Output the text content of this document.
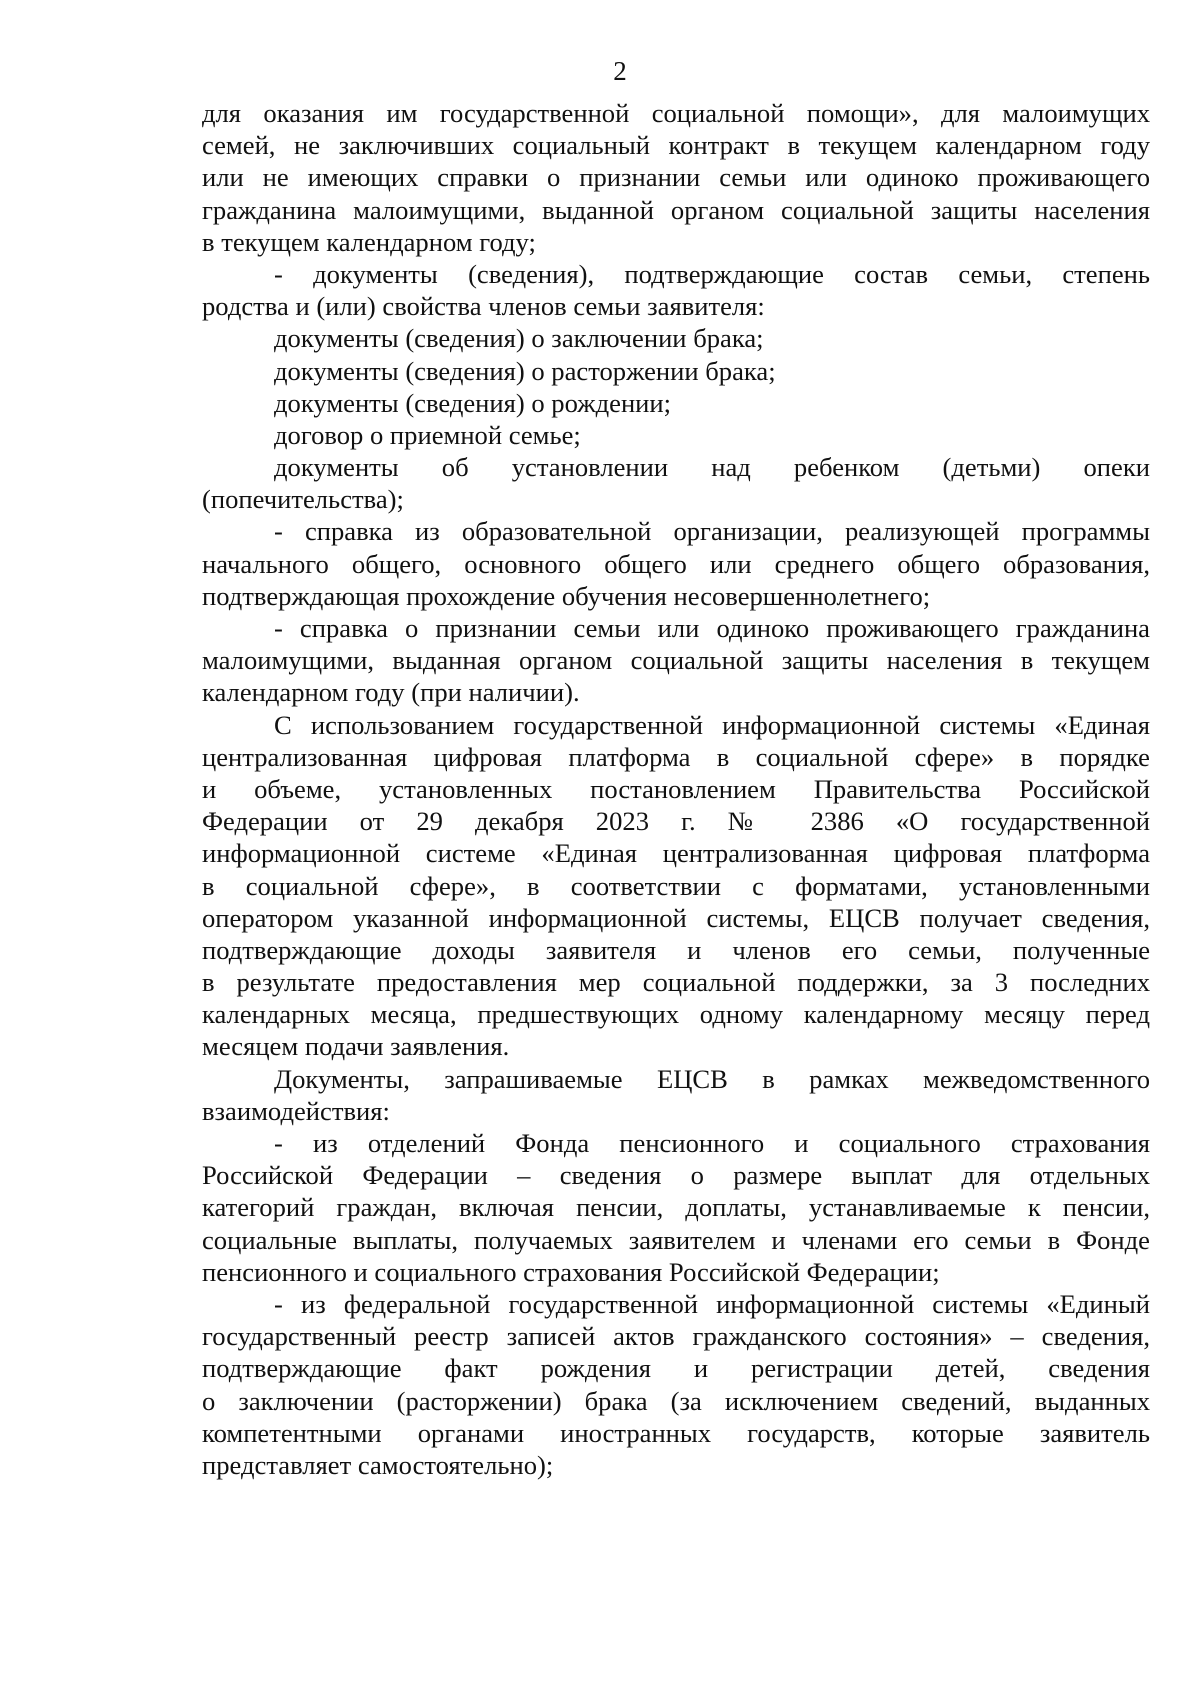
2
для оказания им государственной социальной помощи», для малоимущих
семей, не заключивших социальный контракт в текущем календарном году
или не имеющих справки о признании семьи или одиноко проживающего
гражданина малоимущими, выданной органом социальной защиты населения
в текущем календарном году;
- документы (сведения), подтверждающие состав семьи, степень
родства и (или) свойства членов семьи заявителя:
документы (сведения) о заключении брака;
документы (сведения) о расторжении брака;
документы (сведения) о рождении;
договор о приемной семье;
документы об установлении над ребенком (детьми) опеки
(попечительства);
- справка из образовательной организации, реализующей программы
начального общего, основного общего или среднего общего образования,
подтверждающая прохождение обучения несовершеннолетнего;
- справка о признании семьи или одиноко проживающего гражданина
малоимущими, выданная органом социальной защиты населения в текущем
календарном году (при наличии).
С использованием государственной информационной системы «Единая
централизованная цифровая платформа в социальной сфере» в порядке
и объеме, установленных постановлением Правительства Российской
Федерации от 29 декабря 2023 г. № 2386 «О государственной
информационной системе «Единая централизованная цифровая платформа
в социальной сфере», в соответствии с форматами, установленными
оператором указанной информационной системы, ЕЦСВ получает сведения,
подтверждающие доходы заявителя и членов его семьи, полученные
в результате предоставления мер социальной поддержки, за 3 последних
календарных месяца, предшествующих одному календарному месяцу перед
месяцем подачи заявления.
Документы, запрашиваемые ЕЦСВ в рамках межведомственного
взаимодействия:
- из отделений Фонда пенсионного и социального страхования
Российской Федерации – сведения о размере выплат для отдельных
категорий граждан, включая пенсии, доплаты, устанавливаемые к пенсии,
социальные выплаты, получаемых заявителем и членами его семьи в Фонде
пенсионного и социального страхования Российской Федерации;
- из федеральной государственной информационной системы «Единый
государственный реестр записей актов гражданского состояния» – сведения,
подтверждающие факт рождения и регистрации детей, сведения
о заключении (расторжении) брака (за исключением сведений, выданных
компетентными органами иностранных государств, которые заявитель
представляет самостоятельно);
